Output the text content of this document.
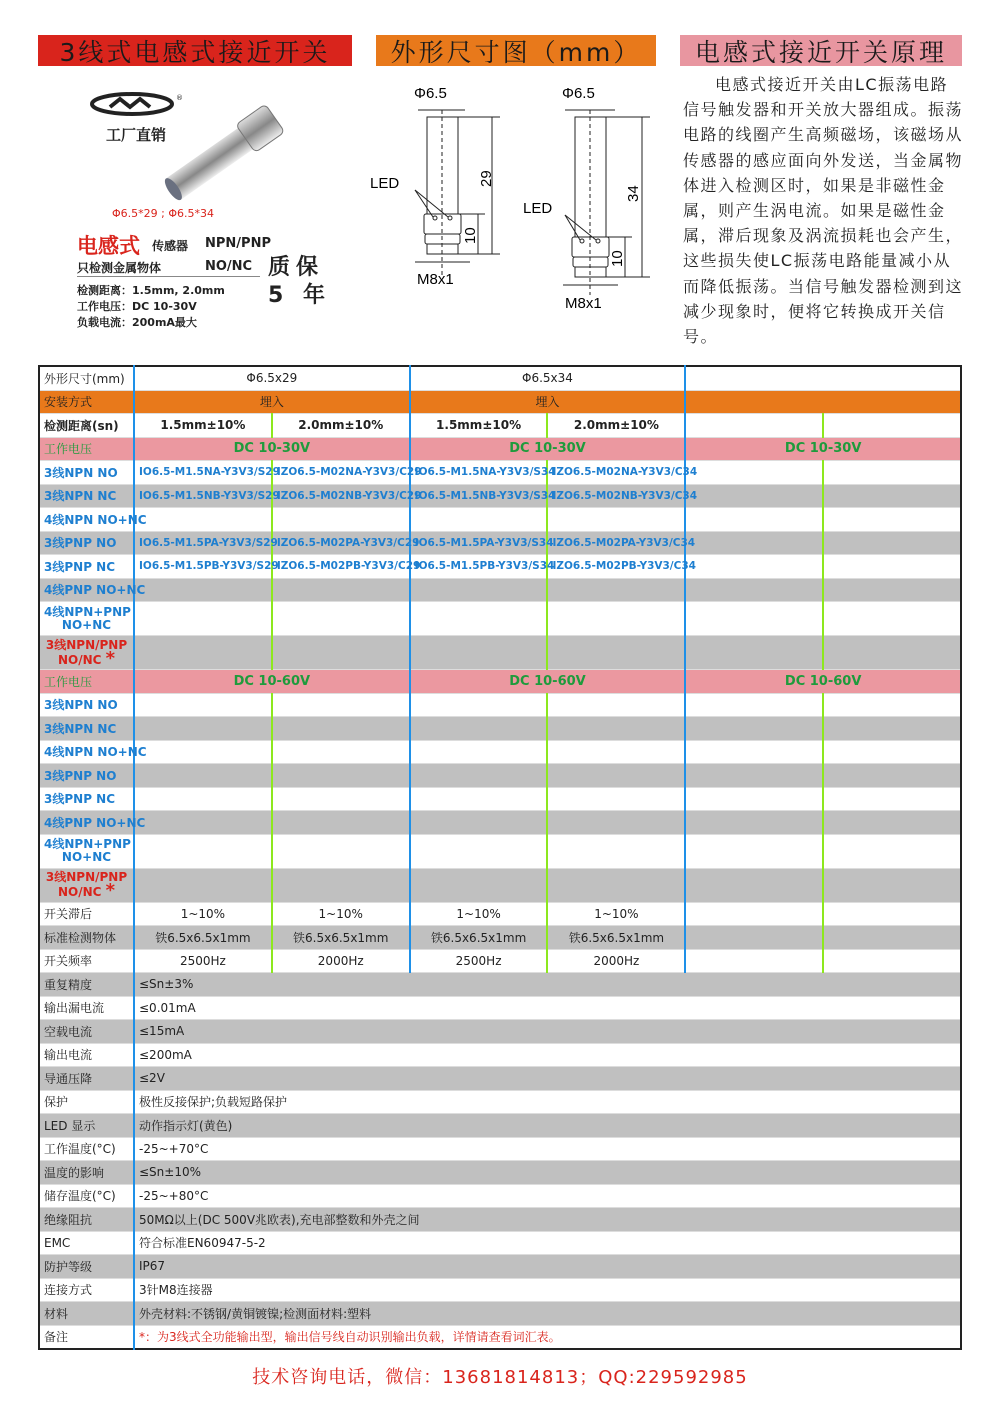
3线式电感式接近开关	外形尺寸图（mm）	电感式接近开关原理
®
工厂直销
Φ6.5*29 ; Φ6.5*34
电感式 传感器 NPN/PNP
只检测金属物体	NO/NC
检测距离：1.5mm, 2.0mm
工作电压：DC 10-30V
负载电流：200mA最大
质保
5 年
Φ6.5
LED
M8x1
29
10
Φ6.5
LED
M8x1
34
10
电感式接近开关由LC振荡电路信号触发器和开关放大器组成。振荡电路的线圈产生高频磁场，该磁场从传感器的感应面向外发送，当金属物体进入检测区时，如果是非磁性金属，则产生涡电流。如果是磁性金属，滞后现象及涡流损耗也会产生，这些损失使LC振荡电路能量减小从而降低振荡。当信号触发器检测到这减少现象时，便将它转换成开关信号。
外形尺寸(mm)	Φ6.5x29		Φ6.5x34			
安装方式	埋入		埋入			
检测距离(sn)	1.5mm±10%	2.0mm±10%	1.5mm±10%	2.0mm±10%		
工作电压	DC 10-30V		DC 10-30V		DC 10-30V	
3线NPN NO	IO6.5-M1.5NA-Y3V3/S29	IZO6.5-M02NA-Y3V3/C29	IO6.5-M1.5NA-Y3V3/S34	IZO6.5-M02NA-Y3V3/C34		
3线NPN NC	IO6.5-M1.5NB-Y3V3/S29	IZO6.5-M02NB-Y3V3/C29	IO6.5-M1.5NB-Y3V3/S34	IZO6.5-M02NB-Y3V3/C34		
4线NPN NO+NC						
3线PNP NO	IO6.5-M1.5PA-Y3V3/S29	IZO6.5-M02PA-Y3V3/C29	IO6.5-M1.5PA-Y3V3/S34	IZO6.5-M02PA-Y3V3/C34		
3线PNP NC	IO6.5-M1.5PB-Y3V3/S29	IZO6.5-M02PB-Y3V3/C29	IO6.5-M1.5PB-Y3V3/S34	IZO6.5-M02PB-Y3V3/C34		
4线PNP NO+NC						
4线NPN+PNP
NO+NC						
3线NPN/PNP
NO/NC *						
工作电压	DC 10-60V		DC 10-60V		DC 10-60V	
3线NPN NO						
3线NPN NC						
4线NPN NO+NC						
3线PNP NO						
3线PNP NC						
4线PNP NO+NC						
4线NPN+PNP
NO+NC						
3线NPN/PNP
NO/NC *						
开关滞后	1~10%	1~10%	1~10%	1~10%		
标准检测物体	铁6.5x6.5x1mm	铁6.5x6.5x1mm	铁6.5x6.5x1mm	铁6.5x6.5x1mm		
开关频率	2500Hz	2000Hz	2500Hz	2000Hz		
重复精度	≤Sn±3%					
输出漏电流	≤0.01mA					
空载电流	≤15mA					
输出电流	≤200mA					
导通压降	≤2V					
保护	极性反接保护;负载短路保护					
LED 显示	动作指示灯(黄色)					
工作温度(°C)	-25~+70°C					
温度的影响	≤Sn±10%					
储存温度(°C)	-25~+80°C					
绝缘阻抗	50MΩ以上(DC 500V兆欧表),充电部整数和外壳之间					
EMC	符合标准EN60947-5-2					
防护等级	IP67					
连接方式	3针M8连接器					
材料	外壳材料:不锈钢/黄铜镀镍;检测面材料:塑料					
备注	*：为3线式全功能输出型，输出信号线自动识别输出负载，详情请查看词汇表。					
技术咨询电话，微信：13681814813；QQ:229592985
